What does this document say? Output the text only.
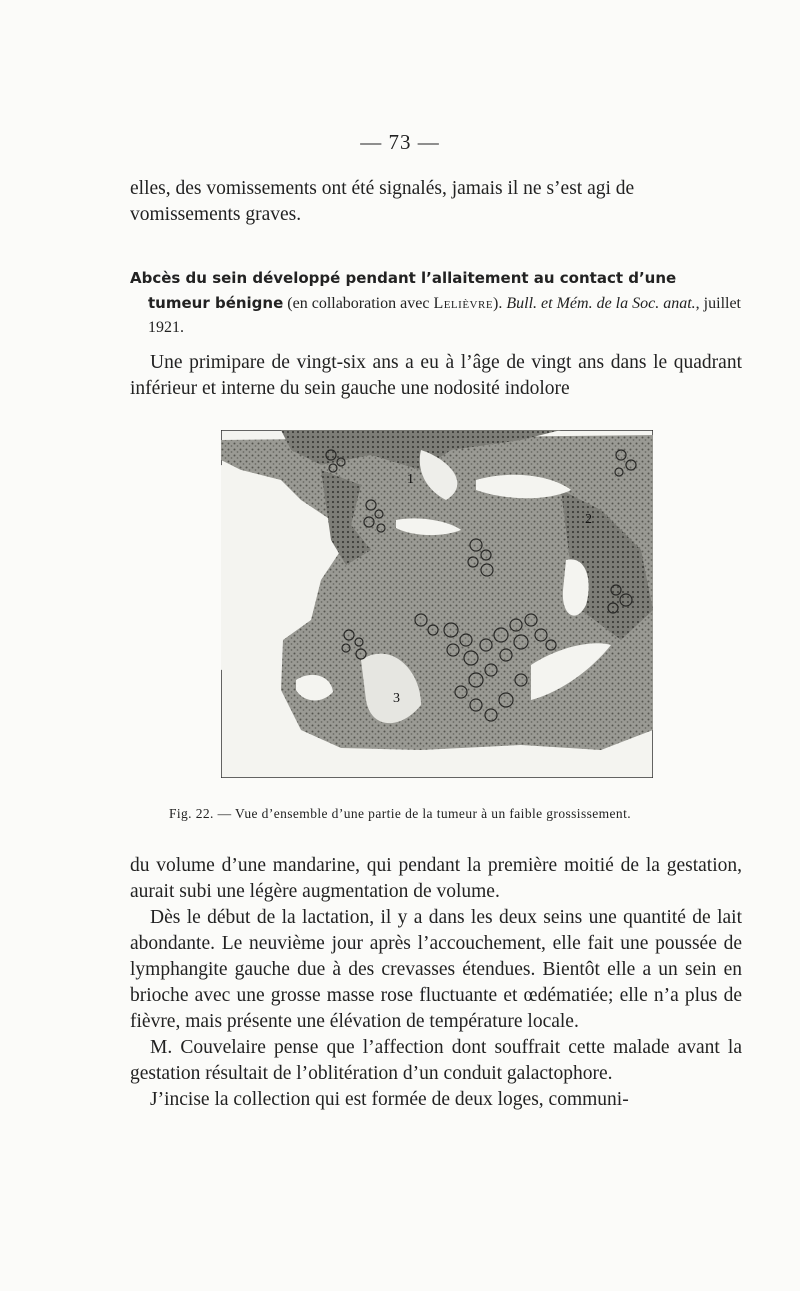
— 73 —

elles, des vomissements ont été signalés, jamais il ne s’est agi de

vomissements graves.

Abcès du sein développé pendant l’allaitement au contact d’une
tumeur bénigne (en collaboration avec Lelièvre). Bull. et Mém. de la Soc. anat., juillet 1921.

Une primipare de vingt-six ans a eu à l’âge de vingt ans dans le quadrant inférieur et interne du sein gauche une nodosité indolore

1
2
3
Fig. 22. — Vue d’ensemble d’une partie de la tumeur à un faible grossissement.

du volume d’une mandarine, qui pendant la première moitié de la gestation, aurait subi une légère augmentation de volume.

Dès le début de la lactation, il y a dans les deux seins une quantité de lait abondante. Le neuvième jour après l’accouchement, elle fait une poussée de lymphangite gauche due à des crevasses étendues. Bientôt elle a un sein en brioche avec une grosse masse rose fluctuante et œdématiée; elle n’a plus de fièvre, mais présente une élévation de température locale.

M. Couvelaire pense que l’affection dont souffrait cette malade avant la gestation résultait de l’oblitération d’un conduit galactophore.

J’incise la collection qui est formée de deux loges, communi-
